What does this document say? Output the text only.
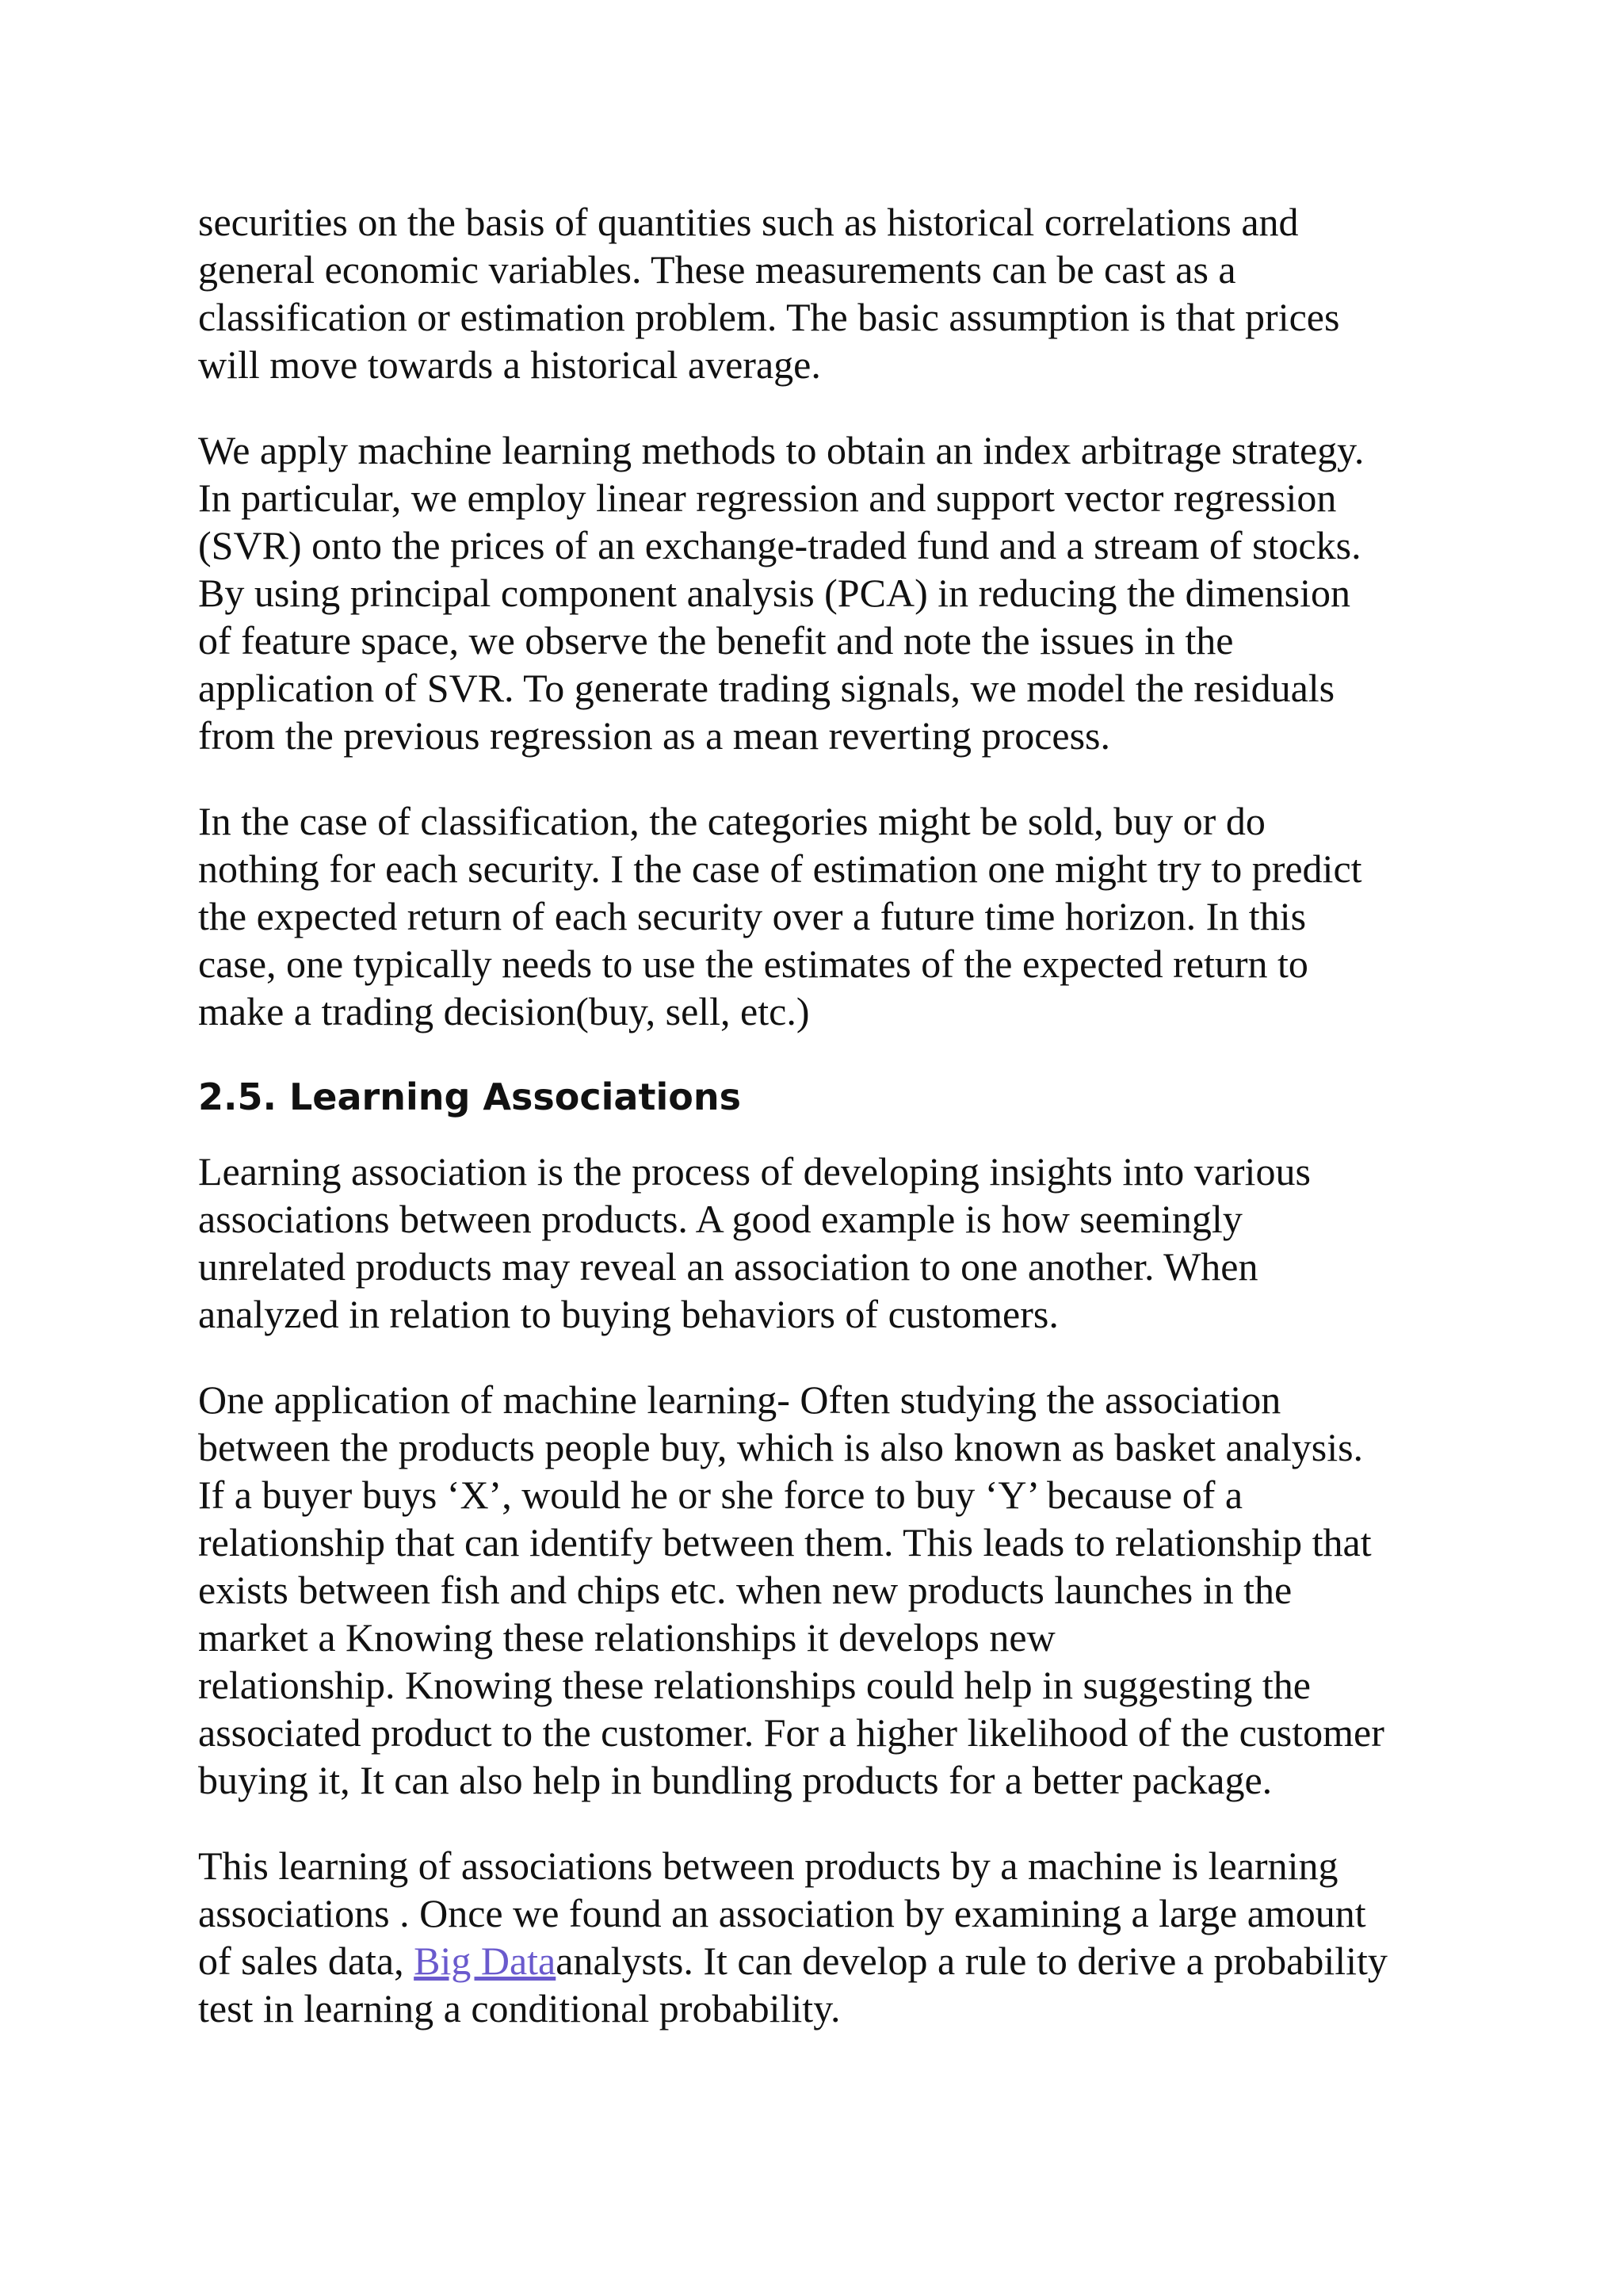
securities on the basis of quantities such as historical correlations and
general economic variables. These measurements can be cast as a
classification or estimation problem. The basic assumption is that prices
will move towards a historical average.

We apply machine learning methods to obtain an index arbitrage strategy.
In particular, we employ linear regression and support vector regression
(SVR) onto the prices of an exchange-traded fund and a stream of stocks.
By using principal component analysis (PCA) in reducing the dimension
of feature space, we observe the benefit and note the issues in the
application of SVR. To generate trading signals, we model the residuals
from the previous regression as a mean reverting process.

In the case of classification, the categories might be sold, buy or do
nothing for each security. I the case of estimation one might try to predict
the expected return of each security over a future time horizon. In this
case, one typically needs to use the estimates of the expected return to
make a trading decision(buy, sell, etc.)

2.5. Learning Associations

Learning association is the process of developing insights into various
associations between products. A good example is how seemingly
unrelated products may reveal an association to one another. When
analyzed in relation to buying behaviors of customers.

One application of machine learning- Often studying the association
between the products people buy, which is also known as basket analysis.
If a buyer buys ‘X’, would he or she force to buy ‘Y’ because of a
relationship that can identify between them. This leads to relationship that
exists between fish and chips etc. when new products launches in the
market a Knowing these relationships it develops new
relationship. Knowing these relationships could help in suggesting the
associated product to the customer. For a higher likelihood of the customer
buying it, It can also help in bundling products for a better package.

This learning of associations between products by a machine is learning
associations . Once we found an association by examining a large amount
of sales data, Big Dataanalysts. It can develop a rule to derive a probability
test in learning a conditional probability.
